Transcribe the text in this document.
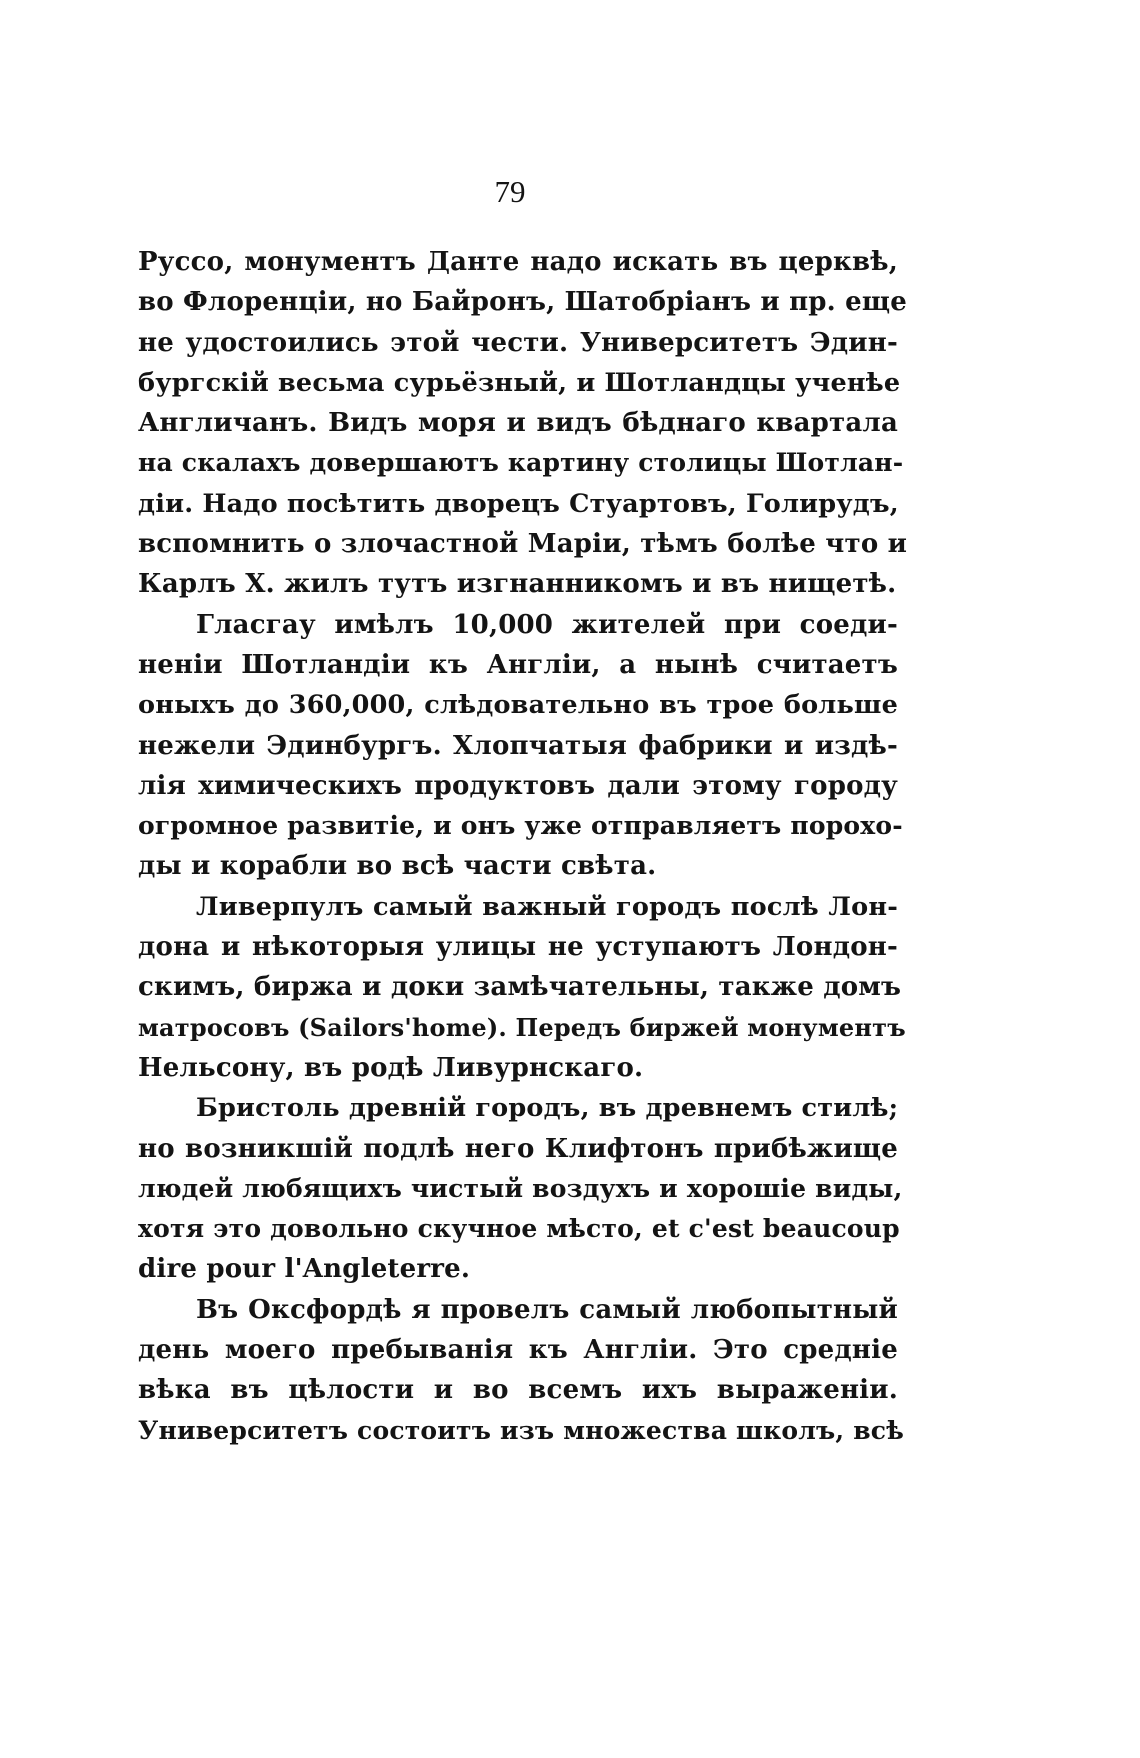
79
Руссо, монументъ Данте надо искать въ церквѣ,
во Флоренціи, но Байронъ, Шатобріанъ и пр. еще
не удостоились этой чести. Университетъ Эдин-
бургскій весьма сурьёзный, и Шотландцы ученѣе
Англичанъ. Видъ моря и видъ бѣднаго квартала
на скалахъ довершаютъ картину столицы Шотлан-
діи. Надо посѣтить дворецъ Стуартовъ, Голирудъ,
вспомнить о злочастной Маріи, тѣмъ болѣе что и
Карлъ X. жилъ тутъ изгнанникомъ и въ нищетѣ.
Гласгау имѣлъ 10,000 жителей при соеди-
неніи Шотландіи къ Англіи, а нынѣ считаетъ
оныхъ до 360,000, слѣдовательно въ трое больше
нежели Эдинбургъ. Хлопчатыя фабрики и издѣ-
лія химическихъ продуктовъ дали этому городу
огромное развитіе, и онъ уже отправляетъ порохо-
ды и корабли во всѣ части свѣта.
Ливерпулъ самый важный городъ послѣ Лон-
дона и нѣкоторыя улицы не уступаютъ Лондон-
скимъ, биржа и доки замѣчательны, также домъ
матросовъ (Sailors'home). Передъ биржей монументъ
Нельсону, въ родѣ Ливурнскаго.
Бристоль древній городъ, въ древнемъ стилѣ;
но возникшій подлѣ него Клифтонъ прибѣжище
людей любящихъ чистый воздухъ и хорошіе виды,
хотя это довольно скучное мѣсто, et c'est beaucoup
dire pour l'Angleterre.
Въ Оксфордѣ я провелъ самый любопытный
день моего пребыванія къ Англіи. Это средніе
вѣка въ цѣлости и во всемъ ихъ выраженіи.
Университетъ состоитъ изъ множества школъ, всѣ
